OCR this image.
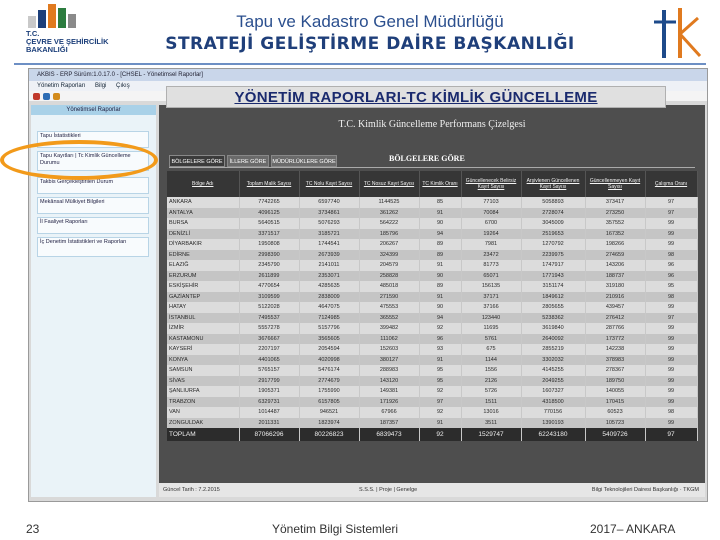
T.C.
ÇEVRE VE ŞEHİRCİLİK
BAKANLIĞI
Tapu ve Kadastro Genel Müdürlüğü
STRATEJİ GELİŞTİRME DAİRE BAŞKANLIĞI
AKBIS - ERP Sürüm:1.0.17.0 - [CHSEL - Yönetimsel Raporlar]
Yönetim Raporları Bilgi Çıkış
Yönetimsel Raporlar
Tapu İstatistikleri
Tapu Kayıtları | Tc Kimlik Güncelleme Durumu
Takbis Gerçekleştirilen Durum
Mekânsal Mülkiyet Bilgileri
İl Faaliyet Raporları
İç Denetim İstatistikleri ve Raporları
T.C. Kimlik Güncelleme Performans Çizelgesi
BÖLGELERE GÖRE	İLLERE GÖRE	MÜDÜRLÜKLERE GÖRE	BÖLGELERE GÖRE
Bölge Adı	Toplam Malik Sayısı	TC Nolu Kayıt Sayısı	TC Nosuz Kayıt Sayısı	TC Kimlik Oranı	Güncellenecek Belirsiz Kayıt Sayısı	Arşivlenen Güncellenen Kayıt Sayısı	Güncellenmeyen Kayıt Sayısı	Çalışma Oranı
ANKARA	7742265	6597740	1144525	85	77103	5058893	373417	97
ANTALYA	4096125	3734861	361262	91	70084	2728074	273250	97
BURSA	5640515	5076293	564222	90	6700	3045009	357552	99
DENİZLİ	3371517	3185721	185796	94	19264	2519653	167352	99
DİYARBAKIR	1950808	1744541	206267	89	7981	1270792	198266	99
EDİRNE	2998390	2673939	324399	89	23472	2239975	274659	98
ELAZIĞ	2345790	2141011	204579	91	81773	1747917	143206	96
ERZURUM	2611899	2353071	258828	90	65071	1771943	188737	96
ESKİŞEHİR	4770654	4285635	485018	89	156135	3151174	319180	95
GAZİANTEP	3109599	2838009	271590	91	37171	1849612	210916	98
HATAY	5122028	4647075	475553	90	37166	2805655	439457	99
İSTANBUL	7495537	7124985	365552	94	123440	5238362	276412	97
İZMİR	5557278	5157796	399482	92	11695	3619840	287766	99
KASTAMONU	3676667	3565605	111062	96	5761	2640092	173772	99
KAYSERİ	2207197	2054594	152603	93	675	2855219	142238	99
KONYA	4401065	4020998	380127	91	1144	3302032	378983	99
SAMSUN	5765157	5476174	288983	95	1556	4145255	278367	99
SİVAS	2917799	2774679	143120	95	2126	2049255	189750	99
ŞANLIURFA	1905371	1755990	149381	92	5726	1607327	140055	99
TRABZON	6329731	6157805	171926	97	1511	4318500	170415	99
VAN	1014487	946521	67966	92	13016	770156	60523	98
ZONGULDAK	2011331	1823974	187357	91	3511	1390193	105723	99
TOPLAM	87066296	80226823	6839473	92	1529747	62243180	5409726	97
Güncel Tarih : 7.2.2015	S.S.S. | Proje | Genelge	Bilgi Teknolojileri Dairesi Başkanlığı · TKGM
YÖNETİM RAPORLARI-TC KİMLİK GÜNCELLEME
23	Yönetim Bilgi Sistemleri	2017– ANKARA
